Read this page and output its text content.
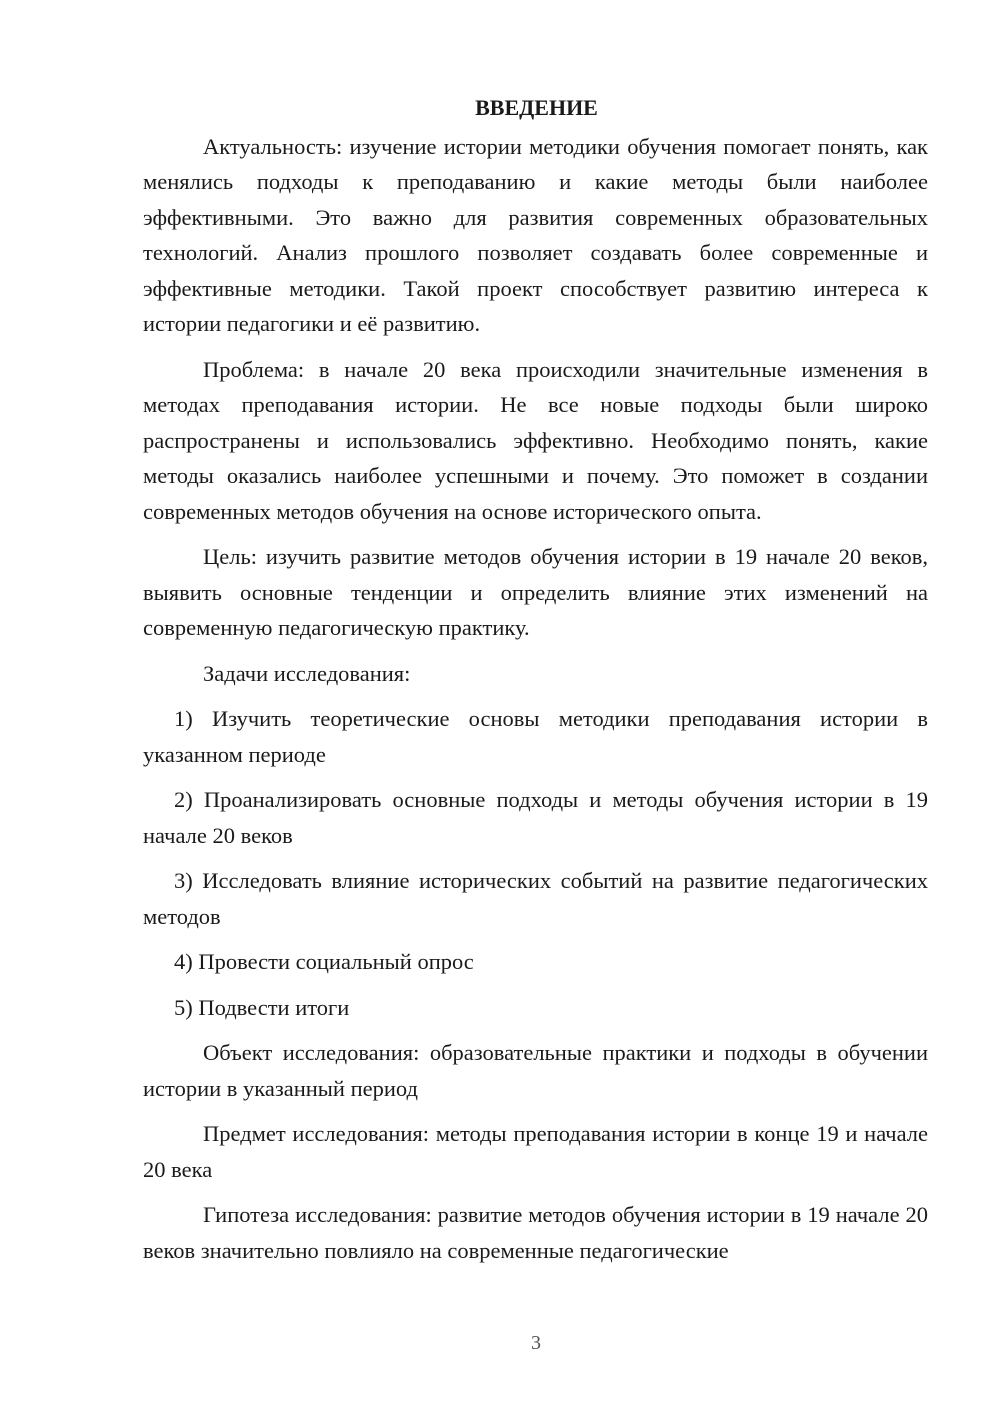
ВВЕДЕНИЕ

Актуальность: изучение истории методики обучения помогает понять, как менялись подходы к преподаванию и какие методы были наиболее эффективными. Это важно для развития современных образовательных технологий. Анализ прошлого позволяет создавать более современные и эффективные методики. Такой проект способствует развитию интереса к истории педагогики и её развитию.

Проблема: в начале 20 века происходили значительные изменения в методах преподавания истории. Не все новые подходы были широко распространены и использовались эффективно. Необходимо понять, какие методы оказались наиболее успешными и почему. Это поможет в создании современных методов обучения на основе исторического опыта.

Цель: изучить развитие методов обучения истории в 19 начале 20 веков, выявить основные тенденции и определить влияние этих изменений на современную педагогическую практику.

Задачи исследования:

1) Изучить теоретические основы методики преподавания истории в указанном периоде

2) Проанализировать основные подходы и методы обучения истории в 19 начале 20 веков

3) Исследовать влияние исторических событий на развитие педагогических методов

4) Провести социальный опрос

5) Подвести итоги

Объект исследования: образовательные практики и подходы в обучении истории в указанный период

Предмет исследования: методы преподавания истории в конце 19 и начале 20 века

Гипотеза исследования: развитие методов обучения истории в 19 начале 20 веков значительно повлияло на современные педагогические

3
